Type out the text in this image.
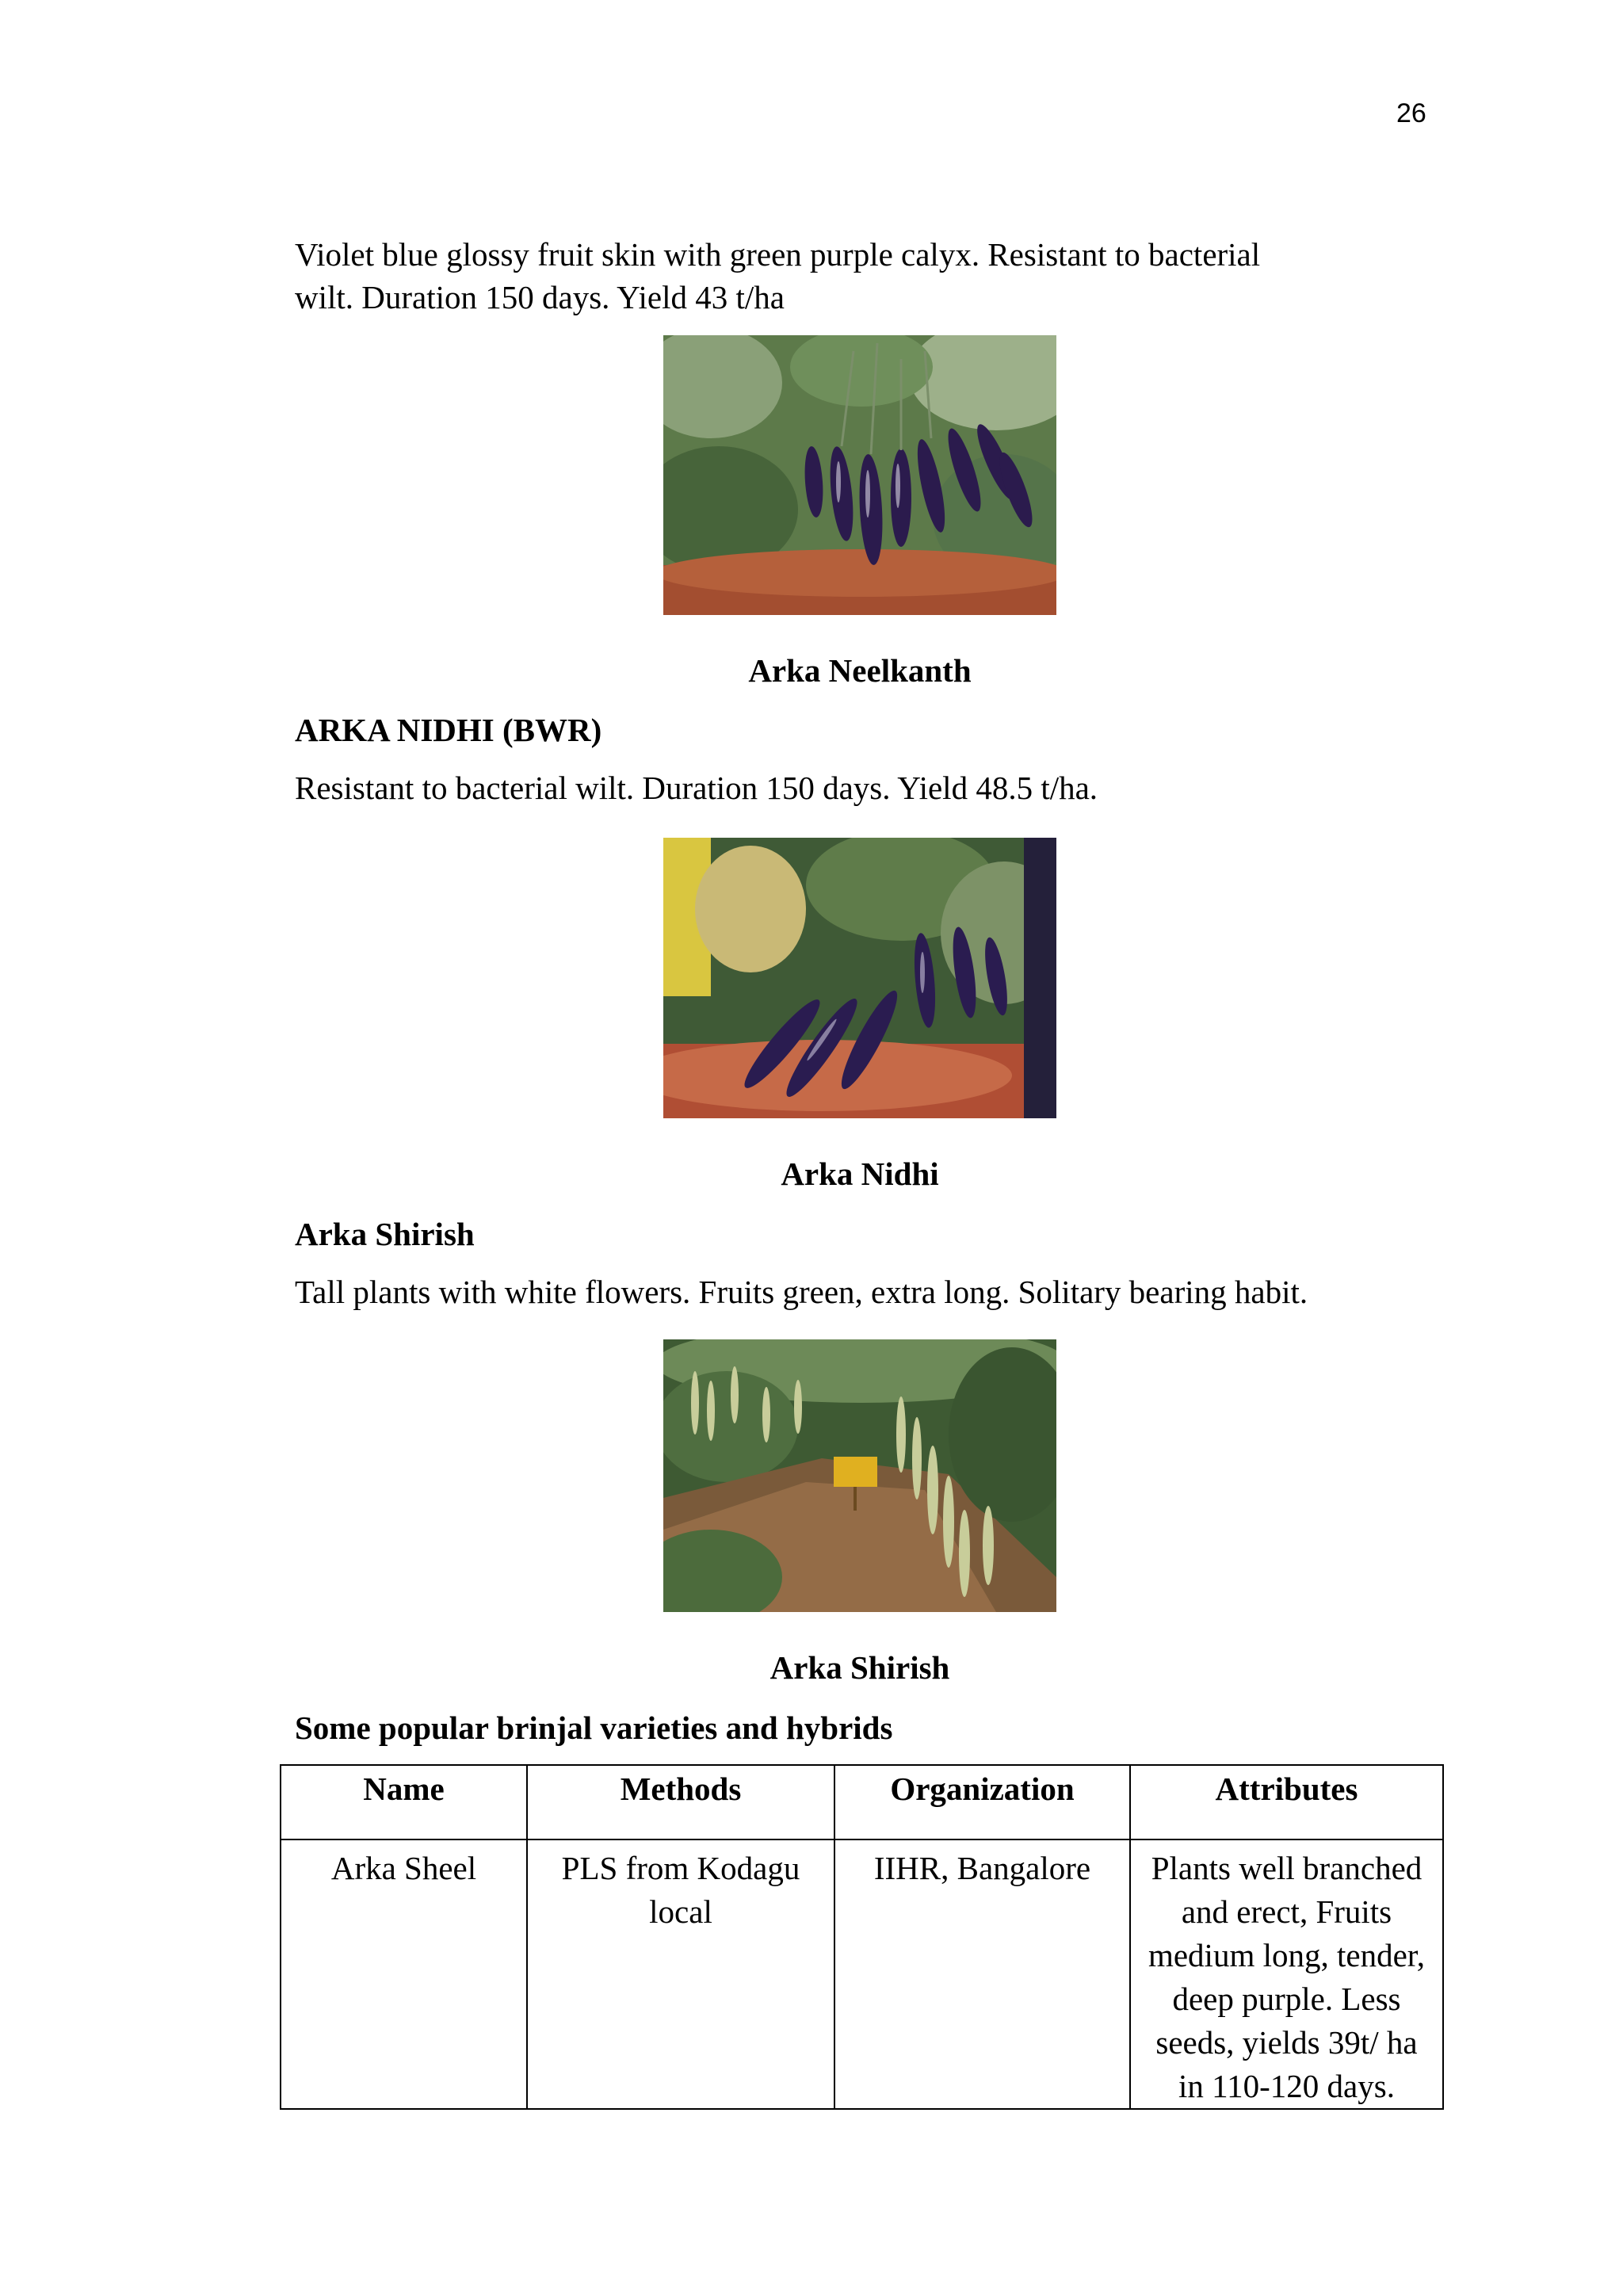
26
Violet blue glossy fruit skin with green purple calyx. Resistant to bacterial
wilt. Duration 150 days. Yield 43 t/ha
Arka Neelkanth
ARKA NIDHI (BWR)
Resistant to bacterial wilt. Duration 150 days. Yield 48.5 t/ha.
Arka Nidhi
Arka Shirish
Tall plants with white flowers. Fruits green, extra long. Solitary bearing habit.
Arka Shirish
Some popular brinjal varieties and hybrids
Name	Methods	Organization	Attributes
Arka Sheel	PLS from Kodagu local	IIHR, Bangalore	Plants well branched and erect, Fruits medium long, tender, deep purple. Less seeds, yields 39t/ ha in 110-120 days.
